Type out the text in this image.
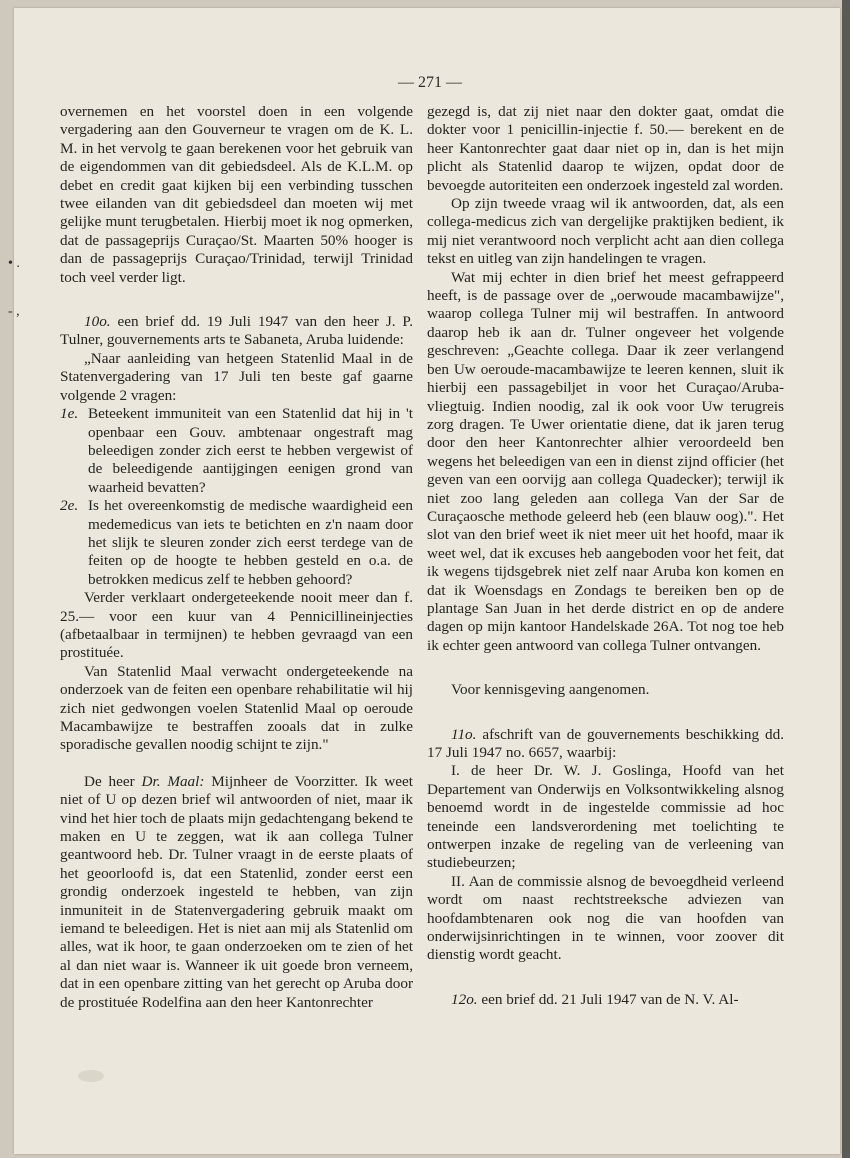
• .
- ,
— 271 —

overnemen en het voorstel doen in een volgende vergadering aan den Gouverneur te vragen om de K. L. M. in het vervolg te gaan berekenen voor het gebruik van de eigendommen van dit gebiedsdeel. Als de K.L.M. op debet en credit gaat kijken bij een verbinding tusschen twee eilanden van dit gebiedsdeel dan moeten wij met gelijke munt terugbetalen. Hierbij moet ik nog opmerken, dat de passageprijs Curaçao/St. Maarten 50% hooger is dan de passageprijs Curaçao/Trinidad, terwijl Trinidad toch veel verder ligt.

10o. een brief dd. 19 Juli 1947 van den heer J. P. Tulner, gouvernements arts te Sabaneta, Aruba luidende:

„Naar aanleiding van hetgeen Statenlid Maal in de Statenvergadering van 17 Juli ten beste gaf gaarne volgende 2 vragen:

1e. Beteekent immuniteit van een Statenlid dat hij in 't openbaar een Gouv. ambtenaar ongestraft mag beleedigen zonder zich eerst te hebben vergewist of de beleedigende aantijgingen eenigen grond van waarheid bevatten?

2e. Is het overeenkomstig de medische waardigheid een medemedicus van iets te betichten en z'n naam door het slijk te sleuren zonder zich eerst terdege van de feiten op de hoogte te hebben gesteld en o.a. de betrokken medicus zelf te hebben gehoord?

Verder verklaart ondergeteekende nooit meer dan f. 25.— voor een kuur van 4 Pennicillineinjecties (afbetaalbaar in termijnen) te hebben gevraagd van een prostituée.

Van Statenlid Maal verwacht ondergeteekende na onderzoek van de feiten een openbare rehabilitatie wil hij zich niet gedwongen voelen Statenlid Maal op oeroude Macambawijze te bestraffen zooals dat in zulke sporadische gevallen noodig schijnt te zijn."

De heer Dr. Maal: Mijnheer de Voorzitter. Ik weet niet of U op dezen brief wil antwoorden of niet, maar ik vind het hier toch de plaats mijn gedachtengang bekend te maken en U te zeggen, wat ik aan collega Tulner geantwoord heb. Dr. Tulner vraagt in de eerste plaats of het geoorloofd is, dat een Statenlid, zonder eerst een grondig onderzoek ingesteld te hebben, van zijn inmuniteit in de Statenvergadering gebruik maakt om iemand te beleedigen. Het is niet aan mij als Statenlid om alles, wat ik hoor, te gaan onderzoeken om te zien of het al dan niet waar is. Wanneer ik uit goede bron verneem, dat in een openbare zitting van het gerecht op Aruba door de prostituée Rodelfina aan den heer Kantonrechter

gezegd is, dat zij niet naar den dokter gaat, omdat die dokter voor 1 penicillin-injectie f. 50.— berekent en de heer Kantonrechter gaat daar niet op in, dan is het mijn plicht als Statenlid daarop te wijzen, opdat door de bevoegde autoriteiten een onderzoek ingesteld zal worden.

Op zijn tweede vraag wil ik antwoorden, dat, als een collega-medicus zich van dergelijke praktijken bedient, ik mij niet verantwoord noch verplicht acht aan dien collega tekst en uitleg van zijn handelingen te vragen.

Wat mij echter in dien brief het meest gefrappeerd heeft, is de passage over de „oerwoude macambawijze", waarop collega Tulner mij wil bestraffen. In antwoord daarop heb ik aan dr. Tulner ongeveer het volgende geschreven: „Geachte collega. Daar ik zeer verlangend ben Uw oeroude-macambawijze te leeren kennen, sluit ik hierbij een passagebiljet in voor het Curaçao/Aruba-vliegtuig. Indien noodig, zal ik ook voor Uw terugreis zorg dragen. Te Uwer orientatie diene, dat ik jaren terug door den heer Kantonrechter alhier veroordeeld ben wegens het beleedigen van een in dienst zijnd officier (het geven van een oorvijg aan collega Quadecker); terwijl ik niet zoo lang geleden aan collega Van der Sar de Curaçaosche methode geleerd heb (een blauw oog).". Het slot van den brief weet ik niet meer uit het hoofd, maar ik weet wel, dat ik excuses heb aangeboden voor het feit, dat ik wegens tijdsgebrek niet zelf naar Aruba kon komen en dat ik Woensdags en Zondags te bereiken ben op de plantage San Juan in het derde district en op de andere dagen op mijn kantoor Handelskade 26A. Tot nog toe heb ik echter geen antwoord van collega Tulner ontvangen.

Voor kennisgeving aangenomen.

11o. afschrift van de gouvernements beschikking dd. 17 Juli 1947 no. 6657, waarbij:

I. de heer Dr. W. J. Goslinga, Hoofd van het Departement van Onderwijs en Volksontwikkeling alsnog benoemd wordt in de ingestelde commissie ad hoc teneinde een landsverordening met toelichting te ontwerpen inzake de regeling van de verleening van studiebeurzen;

II. Aan de commissie alsnog de bevoegdheid verleend wordt om naast rechtstreeksche adviezen van hoofdambtenaren ook nog die van hoofden van onderwijsinrichtingen in te winnen, voor zoover dit dienstig wordt geacht.

12o. een brief dd. 21 Juli 1947 van de N. V. Al-
